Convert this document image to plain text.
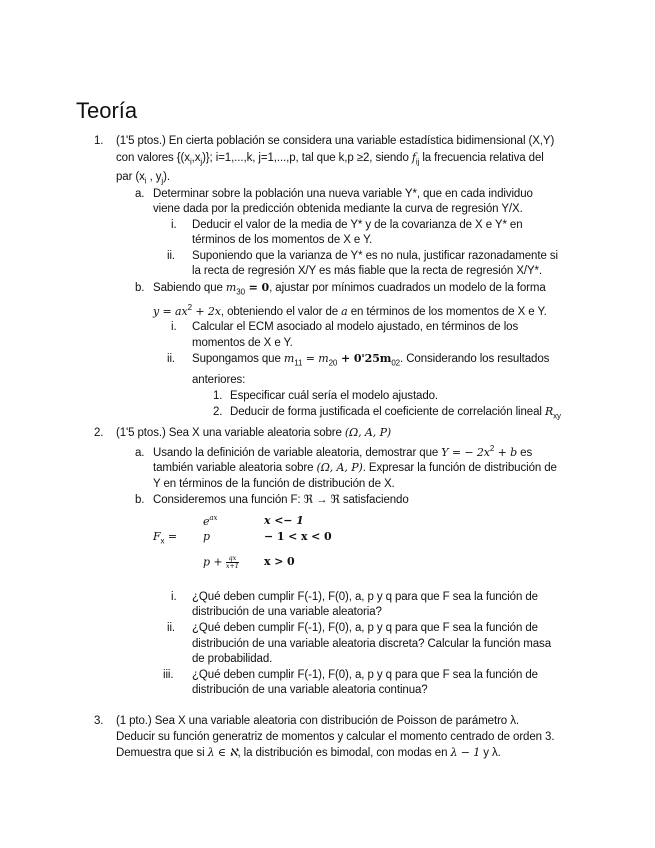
Teoría
1. (1'5 ptos.) En cierta población se considera una variable estadística bidimensional (X,Y)
con valores $\{(x_i,x_j)\}$; i=1,...,k, j=1,...,p, tal que k,p ≥2, siendo $f_{ij}$ la frecuencia relativa del
par ($x_i$ , $y_j$).
a. Determinar sobre la población una nueva variable Y*, que en cada individuo
viene dada por la predicción obtenida mediante la curva de regresión Y/X.
i. Deducir el valor de la media de Y* y de la covarianza de X e Y* en
términos de los momentos de X e Y.
ii. Suponiendo que la varianza de Y* es no nula, justificar razonadamente si
la recta de regresión X/Y es más fiable que la recta de regresión X/Y*.
b. Sabiendo que $m_{30} = 0$, ajustar por mínimos cuadrados un modelo de la forma
$y = ax^2 + 2x$, obteniendo el valor de a en términos de los momentos de X e Y.
i. Calcular el ECM asociado al modelo ajustado, en términos de los
momentos de X e Y.
ii. Supongamos que $m_{11} = m_{20} + 0'25m_{02}$. Considerando los resultados
anteriores:
1. Especificar cuál sería el modelo ajustado.
2. Deducir de forma justificada el coeficiente de correlación lineal $R_{xy}$
2. (1'5 ptos.) Sea X una variable aleatoria sobre (Ω, A, P)
a. Usando la definición de variable aleatoria, demostrar que Y = − $2x^2 + b$ es
también variable aleatoria sobre (Ω, A, P). Expresar la función de distribución de
Y en términos de la función de distribución de X.
b. Consideremos una función F: ℜ → ℜ satisfaciendo
$F_x$ =
$e^{ax}$	x <− 1
p	− 1 < x < 0
$p + \frac{qx}{x+1}$ x > 0
i. ¿Qué deben cumplir F(-1), F(0), a, p y q para que F sea la función de
distribución de una variable aleatoria?
ii. ¿Qué deben cumplir F(-1), F(0), a, p y q para que F sea la función de
distribución de una variable aleatoria discreta? Calcular la función masa
de probabilidad.
iii. ¿Qué deben cumplir F(-1), F(0), a, p y q para que F sea la función de
distribución de una variable aleatoria continua?
3. (1 pto.) Sea X una variable aleatoria con distribución de Poisson de parámetro λ.
Deducir su función generatriz de momentos y calcular el momento centrado de orden 3.
Demuestra que si λ ∈ ℵ, la distribución es bimodal, con modas en λ − 1 y λ.
